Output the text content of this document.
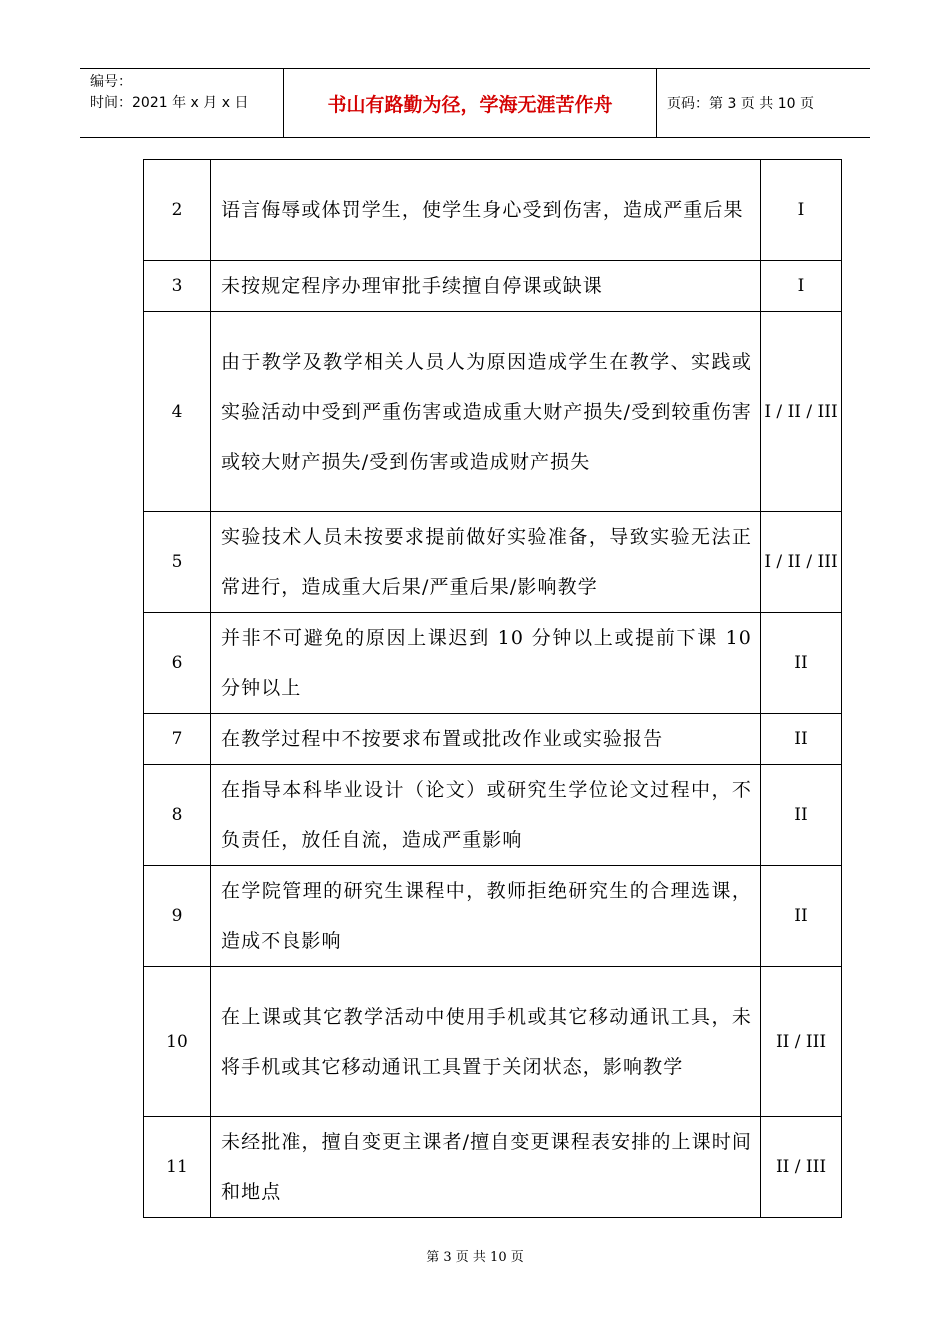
编号：
时间：2021 年 x 月 x 日	书山有路勤为径，学海无涯苦作舟	页码：第 3 页 共 10 页
2	语言侮辱或体罚学生，使学生身心受到伤害，造成严重后果	I
3	未按规定程序办理审批手续擅自停课或缺课	I
4	由于教学及教学相关人员人为原因造成学生在教学、实践或实验活动中受到严重伤害或造成重大财产损失/受到较重伤害或较大财产损失/受到伤害或造成财产损失	I / II / III
5	实验技术人员未按要求提前做好实验准备，导致实验无法正常进行，造成重大后果/严重后果/影响教学	I / II / III
6	并非不可避免的原因上课迟到 10 分钟以上或提前下课 10 分钟以上	II
7	在教学过程中不按要求布置或批改作业或实验报告	II
8	在指导本科毕业设计（论文）或研究生学位论文过程中，不负责任，放任自流，造成严重影响	II
9	在学院管理的研究生课程中，教师拒绝研究生的合理选课，造成不良影响	II
10	在上课或其它教学活动中使用手机或其它移动通讯工具，未将手机或其它移动通讯工具置于关闭状态，影响教学	II / III
11	未经批准，擅自变更主课者/擅自变更课程表安排的上课时间和地点	II / III
第 3 页 共 10 页
